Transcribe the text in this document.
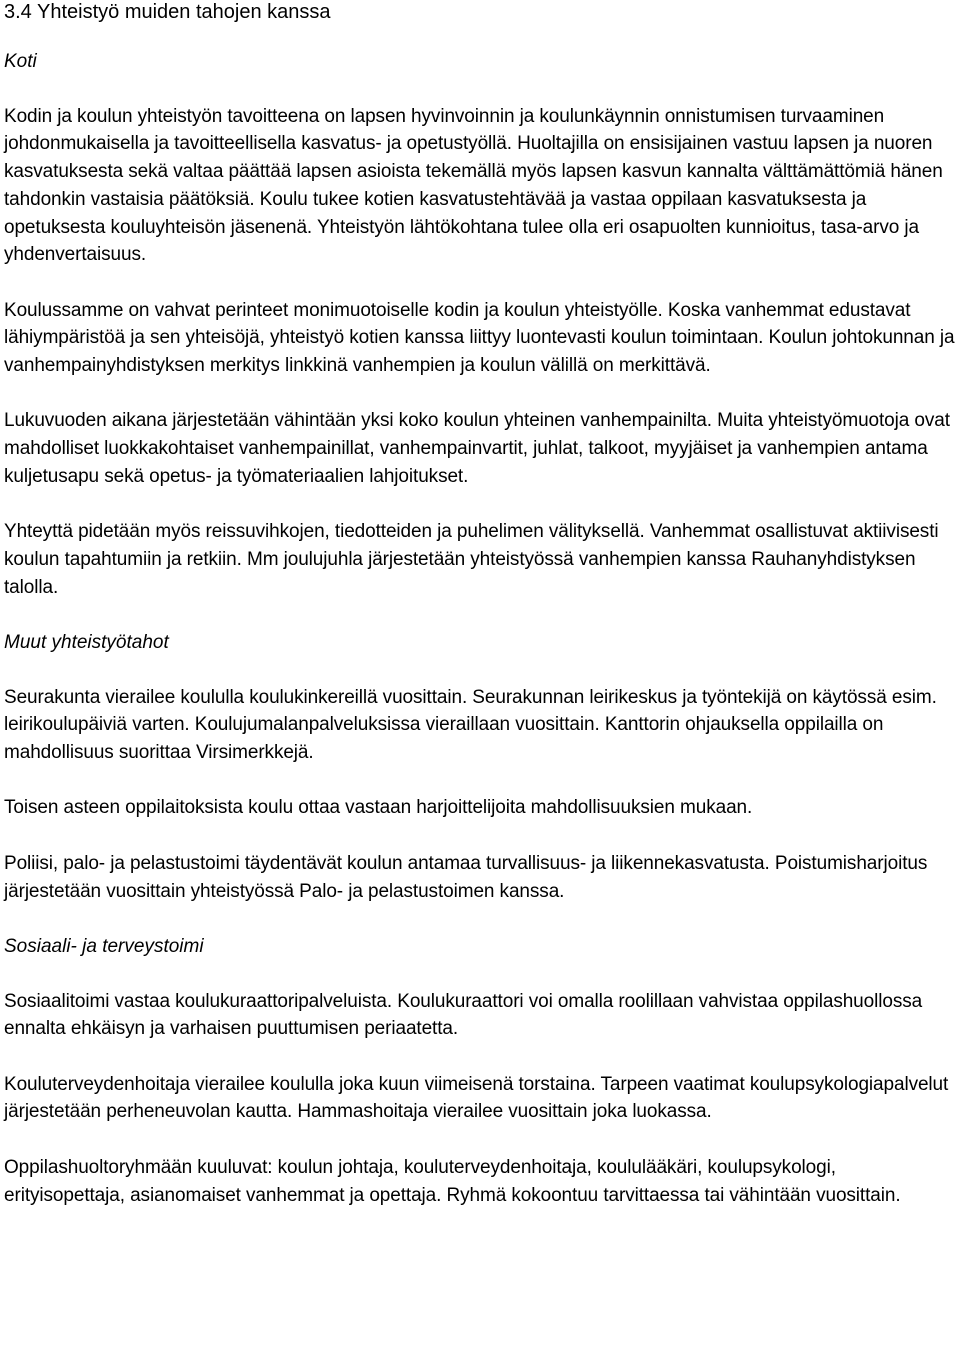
3.4 Yhteistyö muiden tahojen kanssa
Koti

Kodin ja koulun yhteistyön tavoitteena on lapsen hyvinvoinnin ja koulunkäynnin onnistumisen turvaaminen johdonmukaisella ja tavoitteellisella kasvatus- ja opetustyöllä. Huoltajilla on ensisijainen vastuu lapsen ja nuoren kasvatuksesta sekä valtaa päättää lapsen asioista tekemällä myös lapsen kasvun kannalta välttämättömiä hänen tahdonkin vastaisia päätöksiä. Koulu tukee kotien kasvatustehtävää ja vastaa oppilaan kasvatuksesta ja opetuksesta kouluyhteisön jäsenenä. Yhteistyön lähtökohtana tulee olla eri osapuolten kunnioitus, tasa-arvo ja yhdenvertaisuus.

Koulussamme on vahvat perinteet monimuotoiselle kodin ja koulun yhteistyölle. Koska vanhemmat edustavat lähiympäristöä ja sen yhteisöjä, yhteistyö kotien kanssa liittyy luontevasti koulun toimintaan. Koulun johtokunnan ja vanhempainyhdistyksen merkitys linkkinä vanhempien ja koulun välillä on merkittävä.

Lukuvuoden aikana järjestetään vähintään yksi koko koulun yhteinen vanhempainilta. Muita yhteistyömuotoja ovat mahdolliset luokkakohtaiset vanhempainillat, vanhempainvartit, juhlat, talkoot, myyjäiset ja vanhempien antama kuljetusapu sekä opetus- ja työmateriaalien lahjoitukset.

Yhteyttä pidetään myös reissuvihkojen, tiedotteiden ja puhelimen välityksellä. Vanhemmat osallistuvat aktiivisesti koulun tapahtumiin ja retkiin. Mm joulujuhla järjestetään yhteistyössä vanhempien kanssa Rauhanyhdistyksen talolla.

Muut yhteistyötahot

Seurakunta vierailee koululla koulukinkereillä vuosittain. Seurakunnan leirikeskus ja työntekijä on käytössä esim. leirikoulupäiviä varten. Koulujumalanpalveluksissa vieraillaan vuosittain. Kanttorin ohjauksella oppilailla on mahdollisuus suorittaa Virsimerkkejä.

Toisen asteen oppilaitoksista koulu ottaa vastaan harjoittelijoita mahdollisuuksien mukaan.

Poliisi, palo- ja pelastustoimi täydentävät koulun antamaa turvallisuus- ja liikennekasvatusta. Poistumisharjoitus järjestetään vuosittain yhteistyössä Palo- ja pelastustoimen kanssa.

Sosiaali- ja terveystoimi

Sosiaalitoimi vastaa koulukuraattoripalveluista. Koulukuraattori voi omalla roolillaan vahvistaa oppilashuollossa ennalta ehkäisyn ja varhaisen puuttumisen periaatetta.

Kouluterveydenhoitaja vierailee koululla joka kuun viimeisenä torstaina. Tarpeen vaatimat koulupsykologiapalvelut järjestetään perheneuvolan kautta. Hammashoitaja vierailee vuosittain joka luokassa.

Oppilashuoltoryhmään kuuluvat: koulun johtaja, kouluterveydenhoitaja, koululääkäri, koulupsykologi, erityisopettaja, asianomaiset vanhemmat ja opettaja. Ryhmä kokoontuu tarvittaessa tai vähintään vuosittain.
